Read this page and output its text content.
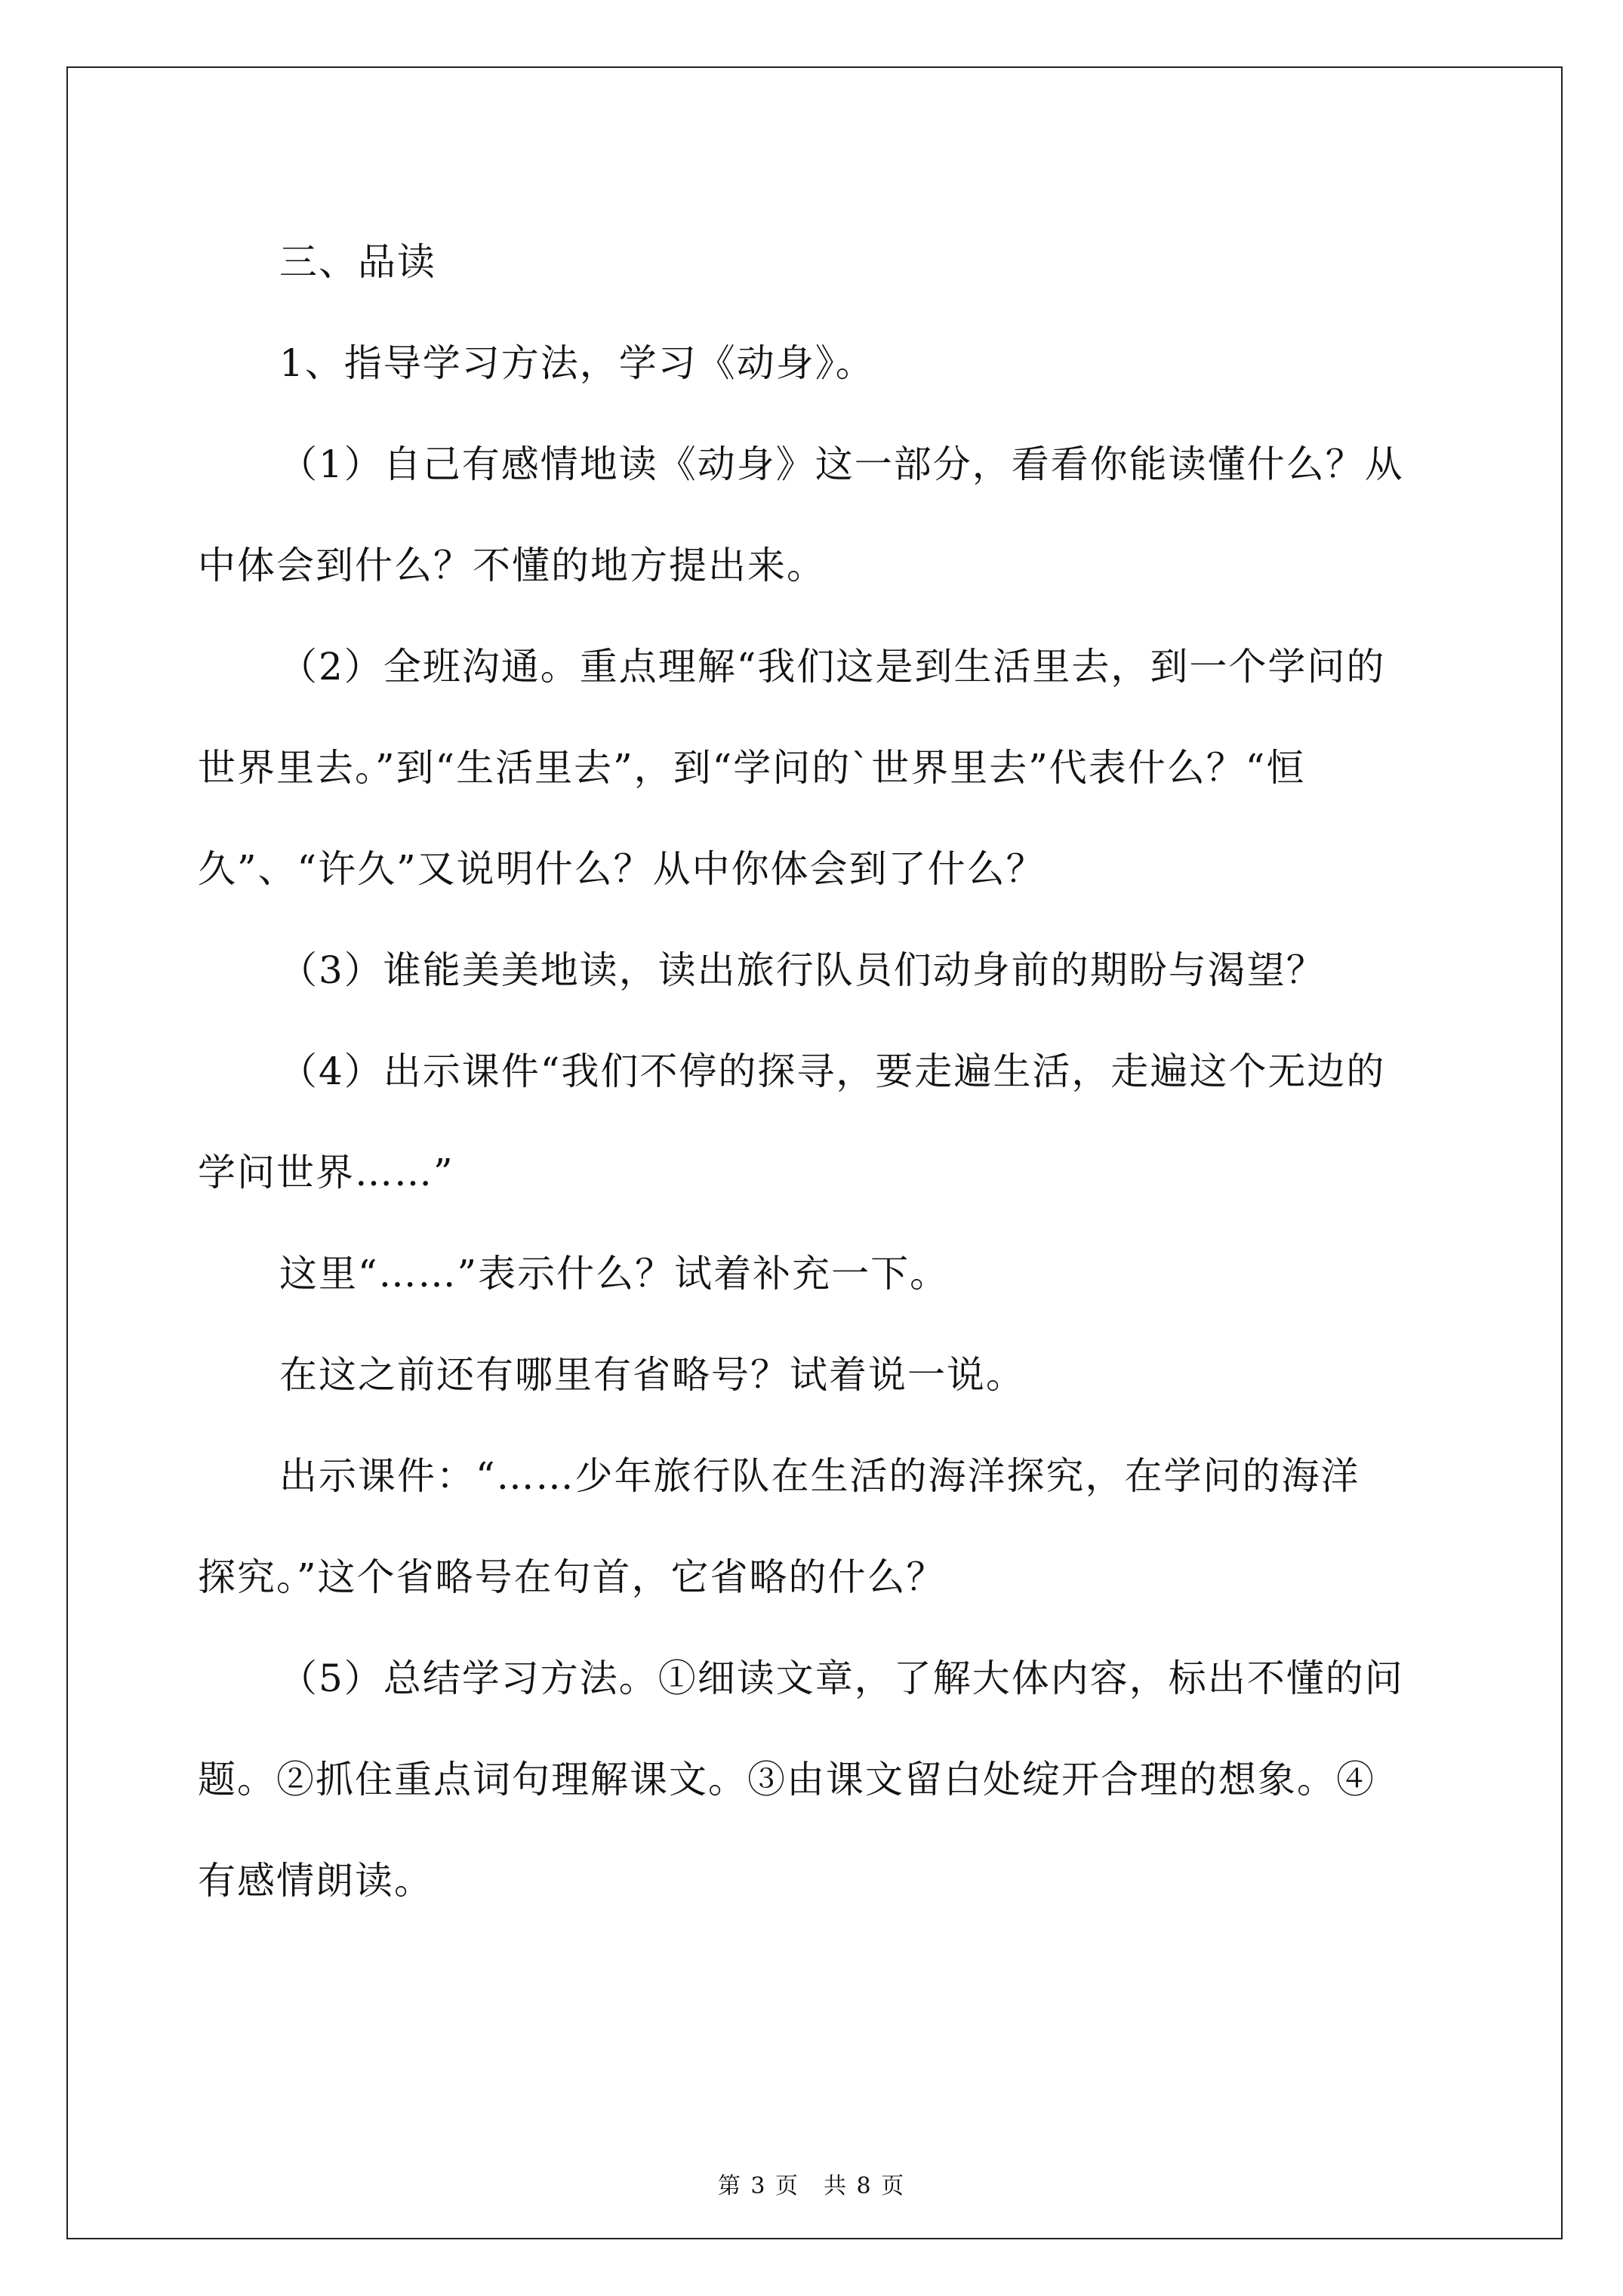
三、品读
1、指导学习方法，学习《动身》。
（1）自己有感情地读《动身》这一部分，看看你能读懂什么？从
中体会到什么？不懂的地方提出来。
（2）全班沟通。重点理解“我们这是到生活里去，到一个学问的
世界里去。”到“生活里去”，到“学问的`世界里去”代表什么？“恒
久”、“许久”又说明什么？从中你体会到了什么？
（3）谁能美美地读，读出旅行队员们动身前的期盼与渴望？
（4）出示课件“我们不停的探寻，要走遍生活，走遍这个无边的
学问世界……”
这里“……”表示什么？试着补充一下。
在这之前还有哪里有省略号？试着说一说。
出示课件：“……少年旅行队在生活的海洋探究，在学问的海洋
探究。”这个省略号在句首，它省略的什么？
（5）总结学习方法。①细读文章，了解大体内容，标出不懂的问
题。②抓住重点词句理解课文。③由课文留白处绽开合理的想象。④
有感情朗读。
第 3 页　共 8 页
